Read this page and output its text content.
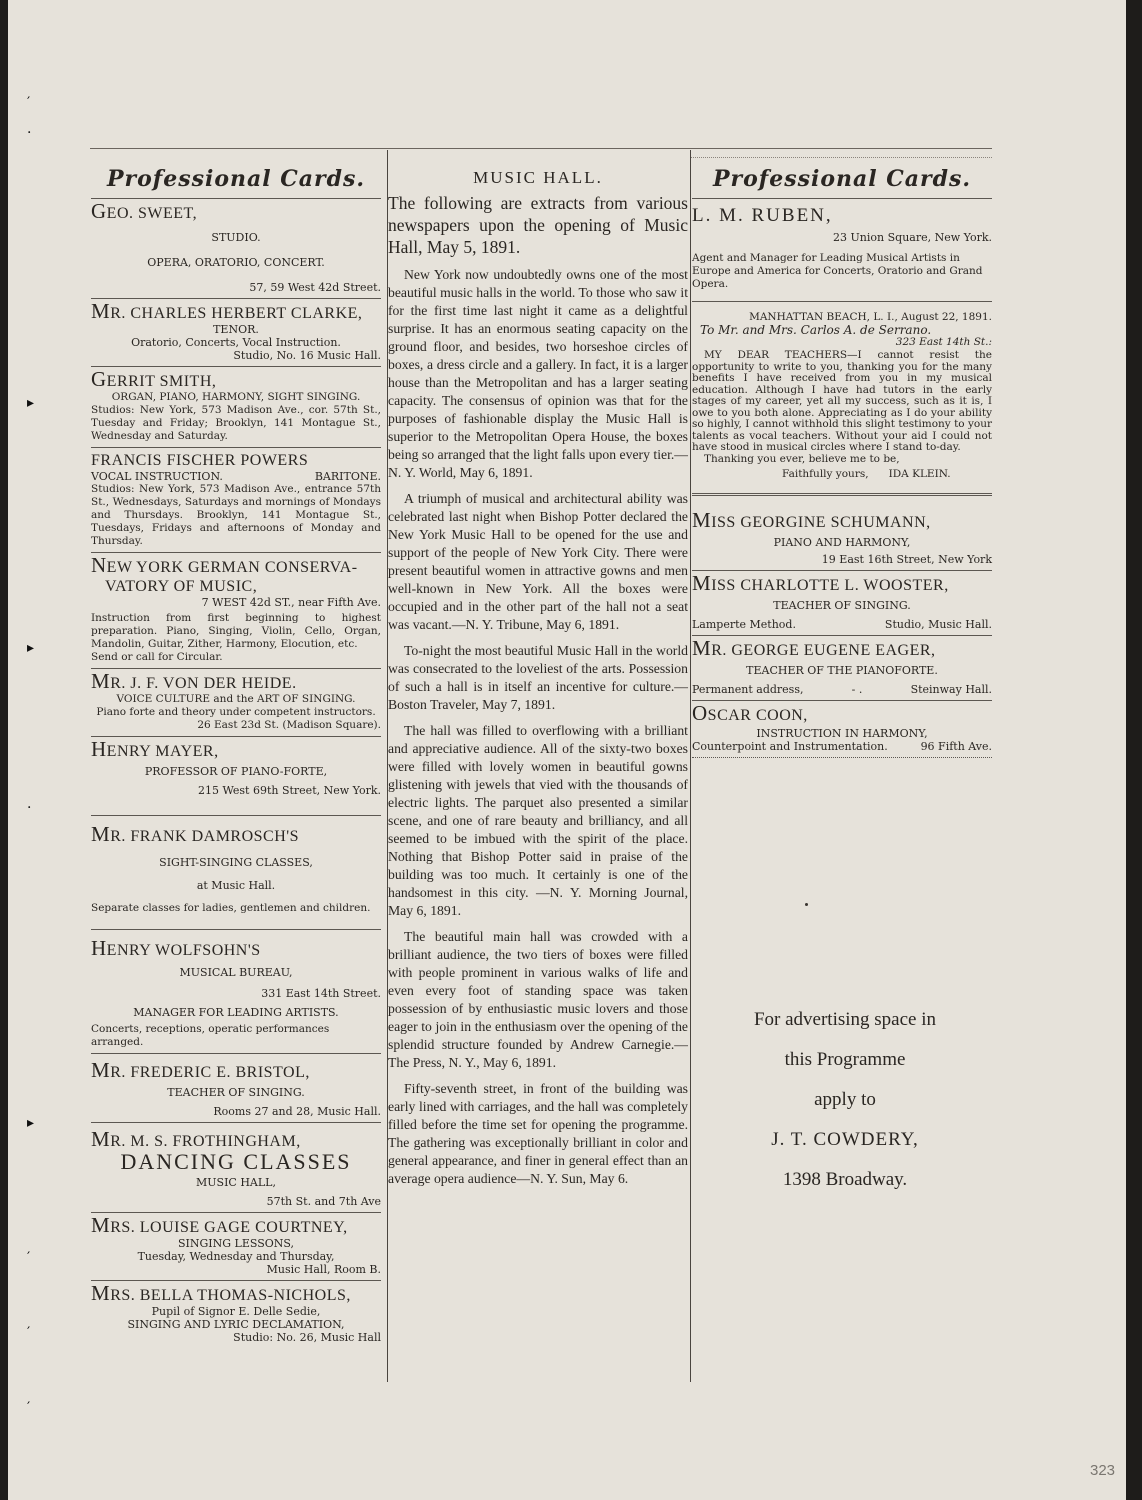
′
·
▸
▸
·
▸
′
′
′
Professional Cards.
GEO. SWEET,
STUDIO.
OPERA, ORATORIO, CONCERT.
57, 59 West 42d Street.
MR. CHARLES HERBERT CLARKE,
TENOR.
Oratorio, Concerts, Vocal Instruction.
Studio, No. 16 Music Hall.
GERRIT SMITH,
ORGAN, PIANO, HARMONY, SIGHT SINGING.
Studios: New York, 573 Madison Ave., cor. 57th St., Tuesday and Friday; Brooklyn, 141 Montague St., Wednesday and Saturday.
FRANCIS FISCHER POWERS
VOCAL INSTRUCTION.	BARITONE.
Studios: New York, 573 Madison Ave., entrance 57th St., Wednesdays, Saturdays and mornings of Mondays and Thursdays. Brooklyn, 141 Montague St., Tuesdays, Fridays and afternoons of Monday and Thursday.
NEW YORK GERMAN CONSERVA-
VATORY OF MUSIC,
7 WEST 42d ST., near Fifth Ave.
Instruction from first beginning to highest preparation. Piano, Singing, Violin, Cello, Organ, Mandolin, Guitar, Zither, Harmony, Elocution, etc.
Send or call for Circular.
MR. J. F. VON DER HEIDE.
VOICE CULTURE and the ART OF SINGING.
Piano forte and theory under competent instructors.
26 East 23d St. (Madison Square).
HENRY MAYER,
PROFESSOR OF PIANO-FORTE,
215 West 69th Street, New York.
MR. FRANK DAMROSCH'S
SIGHT-SINGING CLASSES,
at Music Hall.
Separate classes for ladies, gentlemen and children.
HENRY WOLFSOHN'S
MUSICAL BUREAU,
331 East 14th Street.
MANAGER FOR LEADING ARTISTS.
Concerts, receptions, operatic performances arranged.
MR. FREDERIC E. BRISTOL,
TEACHER OF SINGING.
Rooms 27 and 28, Music Hall.
MR. M. S. FROTHINGHAM,
DANCING CLASSES
MUSIC HALL,
57th St. and 7th Ave
MRS. LOUISE GAGE COURTNEY,
SINGING LESSONS,
Tuesday, Wednesday and Thursday,
Music Hall, Room B.
MRS. BELLA THOMAS-NICHOLS,
Pupil of Signor E. Delle Sedie,
SINGING AND LYRIC DECLAMATION,
Studio: No. 26, Music Hall
MUSIC HALL.
The following are extracts from various newspapers upon the opening of Music Hall, May 5, 1891.

New York now undoubtedly owns one of the most beautiful music halls in the world. To those who saw it for the first time last night it came as a delightful surprise. It has an enormous seating capacity on the ground floor, and besides, two horseshoe circles of boxes, a dress circle and a gallery. In fact, it is a larger house than the Metropolitan and has a larger seating capacity. The consensus of opinion was that for the purposes of fashionable display the Music Hall is superior to the Metropolitan Opera House, the boxes being so arranged that the light falls upon every tier.—N. Y. World, May 6, 1891.

A triumph of musical and architectural ability was celebrated last night when Bishop Potter declared the New York Music Hall to be opened for the use and support of the people of New York City. There were present beautiful women in attractive gowns and men well-known in New York. All the boxes were occupied and in the other part of the hall not a seat was vacant.—N. Y. Tribune, May 6, 1891.

To-night the most beautiful Music Hall in the world was consecrated to the loveliest of the arts. Possession of such a hall is in itself an incentive for culture.—Boston Traveler, May 7, 1891.

The hall was filled to overflowing with a brilliant and appreciative audience. All of the sixty-two boxes were filled with lovely women in beautiful gowns glistening with jewels that vied with the thousands of electric lights. The parquet also presented a similar scene, and one of rare beauty and brilliancy, and all seemed to be imbued with the spirit of the place. Nothing that Bishop Potter said in praise of the building was too much. It certainly is one of the handsomest in this city. —N. Y. Morning Journal, May 6, 1891.

The beautiful main hall was crowded with a brilliant audience, the two tiers of boxes were filled with people prominent in various walks of life and even every foot of standing space was taken possession of by enthusiastic music lovers and those eager to join in the enthusiasm over the opening of the splendid structure founded by Andrew Carnegie.— The Press, N. Y., May 6, 1891.

Fifty-seventh street, in front of the building was early lined with carriages, and the hall was completely filled before the time set for opening the programme. The gathering was exceptionally brilliant in color and general appearance, and finer in general effect than an average opera audience—N. Y. Sun, May 6.

Professional Cards.
L. M. RUBEN,
23 Union Square, New York.
Agent and Manager for Leading Musical Artists in Europe and America for Concerts, Oratorio and Grand Opera.
MANHATTAN BEACH, L. I., August 22, 1891.
To Mr. and Mrs. Carlos A. de Serrano.
323 East 14th St.:
MY DEAR TEACHERS—I cannot resist the opportunity to write to you, thanking you for the many benefits I have received from you in my musical education. Although I have had tutors in the early stages of my career, yet all my success, such as it is, I owe to you both alone. Appreciating as I do your ability so highly, I cannot withhold this slight testimony to your talents as vocal teachers. Without your aid I could not have stood in musical circles where I stand to-day.
Thanking you ever, believe me to be,
Faithfully yours, IDA KLEIN.
MISS GEORGINE SCHUMANN,
PIANO AND HARMONY,
19 East 16th Street, New York
MISS CHARLOTTE L. WOOSTER,
TEACHER OF SINGING.
Lamperte Method.	Studio, Music Hall.
MR. GEORGE EUGENE EAGER,
TEACHER OF THE PIANOFORTE.
Permanent address,	- .	Steinway Hall.
OSCAR COON,
INSTRUCTION IN HARMONY,
Counterpoint and Instrumentation.	96 Fifth Ave.
For advertising space in
this Programme
apply to
J. T. COWDERY,
1398 Broadway.
323
